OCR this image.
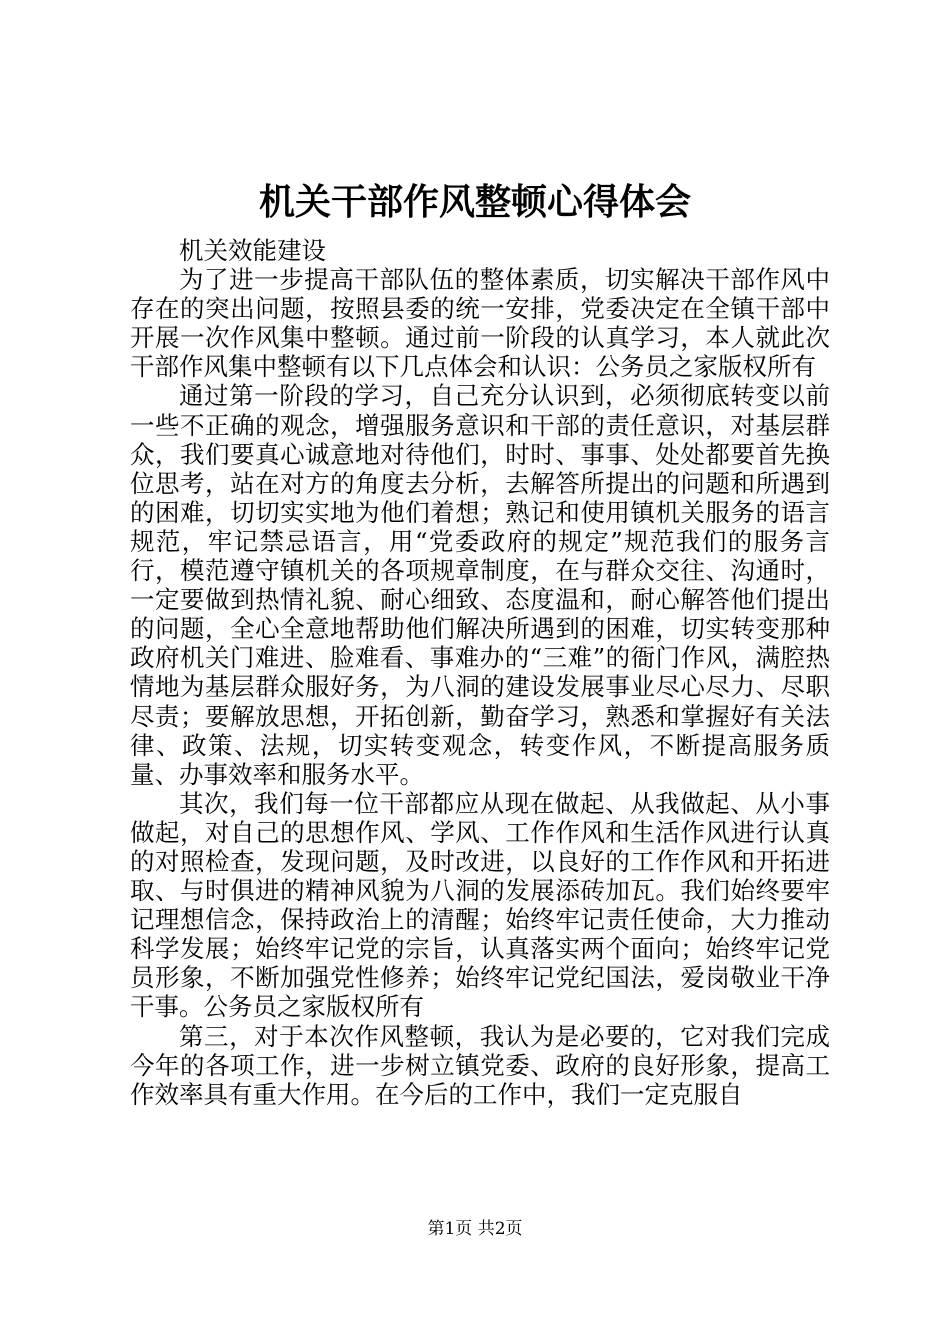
机关干部作风整顿心得体会

机关效能建设

为了进一步提高干部队伍的整体素质，切实解决干部作风中存在的突出问题，按照县委的统一安排，党委决定在全镇干部中开展一次作风集中整顿。通过前一阶段的认真学习，本人就此次干部作风集中整顿有以下几点体会和认识：公务员之家版权所有

通过第一阶段的学习，自己充分认识到，必须彻底转变以前一些不正确的观念，增强服务意识和干部的责任意识，对基层群众，我们要真心诚意地对待他们，时时、事事、处处都要首先换位思考，站在对方的角度去分析，去解答所提出的问题和所遇到的困难，切切实实地为他们着想；熟记和使用镇机关服务的语言规范，牢记禁忌语言，用“党委政府的规定”规范我们的服务言行，模范遵守镇机关的各项规章制度，在与群众交往、沟通时，一定要做到热情礼貌、耐心细致、态度温和，耐心解答他们提出的问题，全心全意地帮助他们解决所遇到的困难，切实转变那种政府机关门难进、脸难看、事难办的“三难”的衙门作风，满腔热情地为基层群众服好务，为八洞的建设发展事业尽心尽力、尽职尽责；要解放思想，开拓创新，勤奋学习，熟悉和掌握好有关法律、政策、法规，切实转变观念，转变作风，不断提高服务质量、办事效率和服务水平。

其次，我们每一位干部都应从现在做起、从我做起、从小事做起，对自己的思想作风、学风、工作作风和生活作风进行认真的对照检查，发现问题，及时改进，以良好的工作作风和开拓进取、与时俱进的精神风貌为八洞的发展添砖加瓦。我们始终要牢记理想信念，保持政治上的清醒；始终牢记责任使命，大力推动科学发展；始终牢记党的宗旨，认真落实两个面向；始终牢记党员形象，不断加强党性修养；始终牢记党纪国法，爱岗敬业干净干事。公务员之家版权所有

第三，对于本次作风整顿，我认为是必要的，它对我们完成今年的各项工作，进一步树立镇党委、政府的良好形象，提高工作效率具有重大作用。在今后的工作中，我们一定克服自

第1页 共2页
